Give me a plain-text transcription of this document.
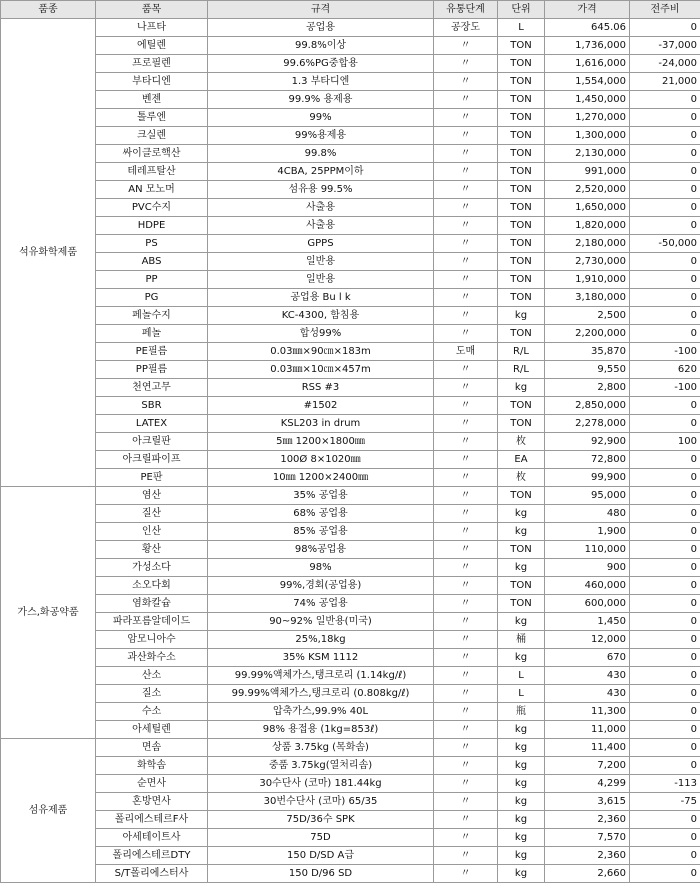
품종	품목	규격	유통단계	단위	가격	전주비
석유화학제품	나프타	공업용	공장도	L	645.06	0
	에틸렌	99.8%이상	〃	TON	1,736,000	-37,000
	프로필렌	99.6%PG중합용	〃	TON	1,616,000	-24,000
	부타디엔	1.3 부타디엔	〃	TON	1,554,000	21,000
	벤젠	99.9% 용제용	〃	TON	1,450,000	0
	톨루엔	99%	〃	TON	1,270,000	0
	크실렌	99%용제용	〃	TON	1,300,000	0
	싸이클로핵산	99.8%	〃	TON	2,130,000	0
	테레프탈산	4CBA, 25PPM이하	〃	TON	991,000	0
	AN 모노머	섬유용 99.5%	〃	TON	2,520,000	0
	PVC수지	사출용	〃	TON	1,650,000	0
	HDPE	사출용	〃	TON	1,820,000	0
	PS	GPPS	〃	TON	2,180,000	-50,000
	ABS	일반용	〃	TON	2,730,000	0
	PP	일반용	〃	TON	1,910,000	0
	PG	공업용 Bu l k	〃	TON	3,180,000	0
	페놀수지	KC-4300, 함침용	〃	kg	2,500	0
	페놀	합성99%	〃	TON	2,200,000	0
	PE필름	0.03㎜×90㎝×183m	도매	R/L	35,870	-100
	PP필름	0.03㎜×10㎝×457m	〃	R/L	9,550	620
	천연고무	RSS #3	〃	kg	2,800	-100
	SBR	#1502	〃	TON	2,850,000	0
	LATEX	KSL203 in drum	〃	TON	2,278,000	0
	아크릴판	5㎜ 1200×1800㎜	〃	枚	92,900	100
	아크릴파이프	100Ø 8×1020㎜	〃	EA	72,800	0
	PE판	10㎜ 1200×2400㎜	〃	枚	99,900	0
가스,화공약품	염산	35% 공업용	〃	TON	95,000	0
	질산	68% 공업용	〃	kg	480	0
	인산	85% 공업용	〃	kg	1,900	0
	황산	98%공업용	〃	TON	110,000	0
	가성소다	98%	〃	kg	900	0
	소오다회	99%,경회(공업용)	〃	TON	460,000	0
	염화칼슘	74% 공업용	〃	TON	600,000	0
	파라포름알데이드	90~92% 일반용(미국)	〃	kg	1,450	0
	암모니아수	25%,18kg	〃	桶	12,000	0
	과산화수소	35% KSM 1112	〃	kg	670	0
	산소	99.99%액체가스,탱크로리 (1.14kg/ℓ)	〃	L	430	0
	질소	99.99%액체가스,탱크로리 (0.808kg/ℓ)	〃	L	430	0
	수소	압축가스,99.9% 40L	〃	瓶	11,300	0
	아세틸렌	98% 용접용 (1kg=853ℓ)	〃	kg	11,000	0
섬유제품	면솜	상품 3.75kg (목화솜)	〃	kg	11,400	0
	화학솜	중품 3.75kg(열처리솜)	〃	kg	7,200	0
	순면사	30수단사 (코마) 181.44kg	〃	kg	4,299	-113
	혼방면사	30번수단사 (코마) 65/35	〃	kg	3,615	-75
	폴리에스테르F사	75D/36수 SPK	〃	kg	2,360	0
	아세테이트사	75D	〃	kg	7,570	0
	폴리에스테르DTY	150 D/SD A급	〃	kg	2,360	0
	S/T폴리에스터사	150 D/96 SD	〃	kg	2,660	0
